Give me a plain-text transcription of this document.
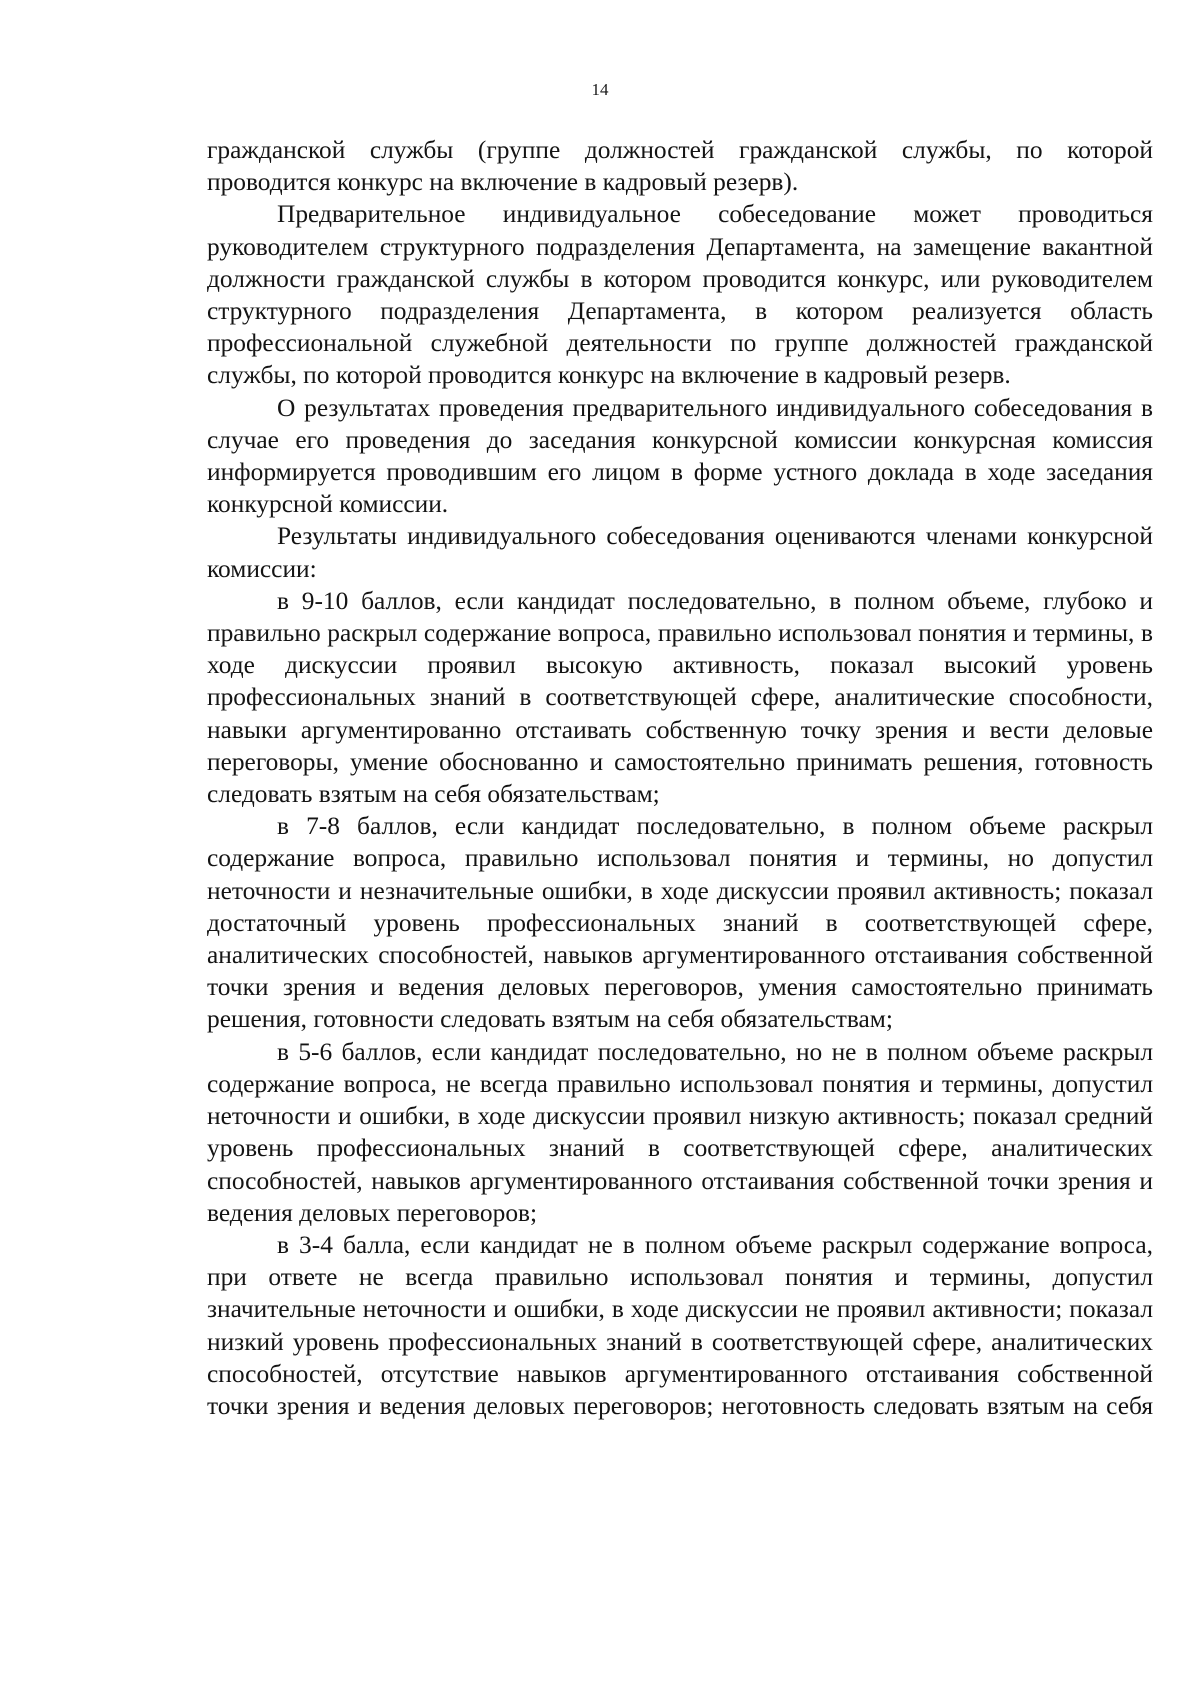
14

гражданской службы (группе должностей гражданской службы, по которой проводится конкурс на включение в кадровый резерв).

Предварительное индивидуальное собеседование может проводиться руководителем структурного подразделения Департамента, на замещение вакантной должности гражданской службы в котором проводится конкурс, или руководителем структурного подразделения Департамента, в котором реализуется область профессиональной служебной деятельности по группе должностей гражданской службы, по которой проводится конкурс на включение в кадровый резерв.

О результатах проведения предварительного индивидуального собеседования в случае его проведения до заседания конкурсной комиссии конкурсная комиссия информируется проводившим его лицом в форме устного доклада в ходе заседания конкурсной комиссии.

Результаты индивидуального собеседования оцениваются членами конкурсной комиссии:

в 9-10 баллов, если кандидат последовательно, в полном объеме, глубоко и правильно раскрыл содержание вопроса, правильно использовал понятия и термины, в ходе дискуссии проявил высокую активность, показал высокий уровень профессиональных знаний в соответствующей сфере, аналитические способности, навыки аргументированно отстаивать собственную точку зрения и вести деловые переговоры, умение обоснованно и самостоятельно принимать решения, готовность следовать взятым на себя обязательствам;

в 7-8 баллов, если кандидат последовательно, в полном объеме раскрыл содержание вопроса, правильно использовал понятия и термины, но допустил неточности и незначительные ошибки, в ходе дискуссии проявил активность; показал достаточный уровень профессиональных знаний в соответствующей сфере, аналитических способностей, навыков аргументированного отстаивания собственной точки зрения и ведения деловых переговоров, умения самостоятельно принимать решения, готовности следовать взятым на себя обязательствам;

в 5-6 баллов, если кандидат последовательно, но не в полном объеме раскрыл содержание вопроса, не всегда правильно использовал понятия и термины, допустил неточности и ошибки, в ходе дискуссии проявил низкую активность; показал средний уровень профессиональных знаний в соответствующей сфере, аналитических способностей, навыков аргументированного отстаивания собственной точки зрения и ведения деловых переговоров;

в 3-4 балла, если кандидат не в полном объеме раскрыл содержание вопроса, при ответе не всегда правильно использовал понятия и термины, допустил значительные неточности и ошибки, в ходе дискуссии не проявил активности; показал низкий уровень профессиональных знаний в соответствующей сфере, аналитических способностей, отсутствие навыков аргументированного отстаивания собственной точки зрения и ведения деловых переговоров; неготовность следовать взятым на себя
